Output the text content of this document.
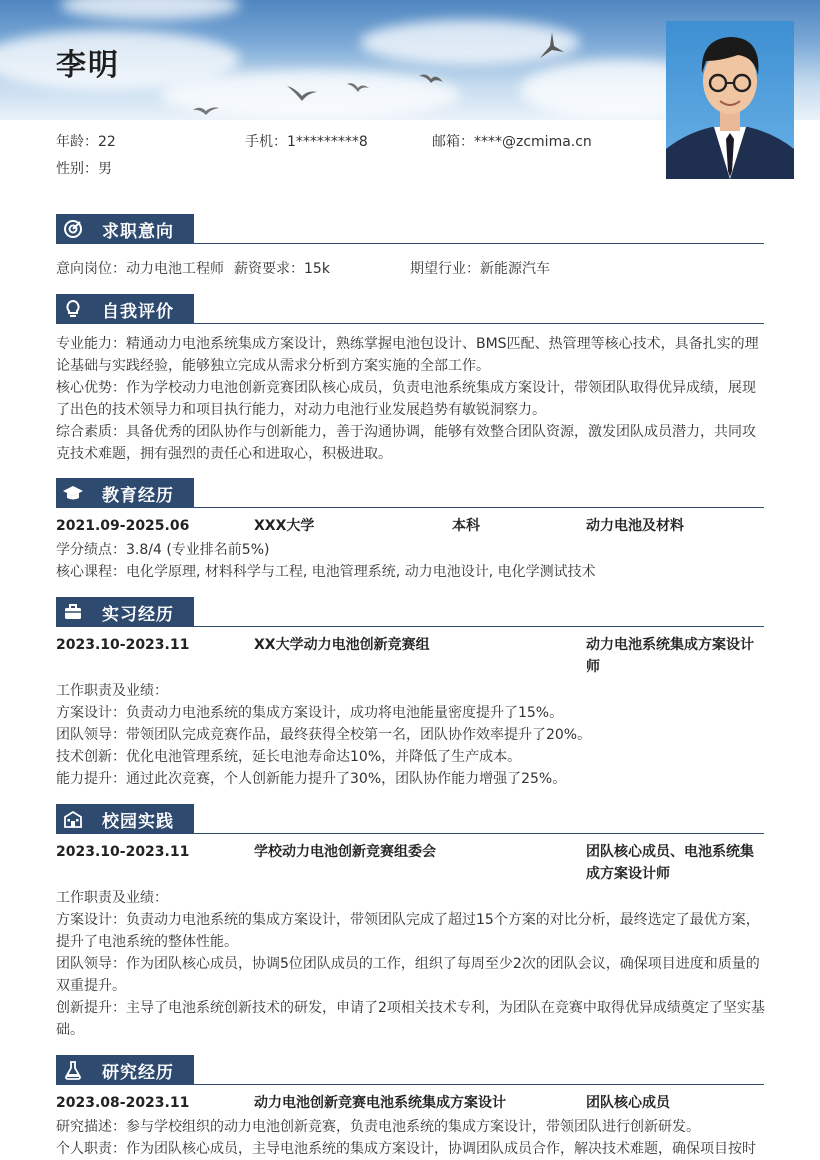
李明
年龄：22	手机：1*********8	邮箱：****@zcmima.cn
性别：男
求职意向
意向岗位：动力电池工程师 薪资要求：15k	期望行业：新能源汽车
自我评价
专业能力：精通动力电池系统集成方案设计，熟练掌握电池包设计、BMS匹配、热管理等核心技术，具备扎实的理论基础与实践经验，能够独立完成从需求分析到方案实施的全部工作。
核心优势：作为学校动力电池创新竞赛团队核心成员，负责电池系统集成方案设计，带领团队取得优异成绩，展现了出色的技术领导力和项目执行能力，对动力电池行业发展趋势有敏锐洞察力。
综合素质：具备优秀的团队协作与创新能力，善于沟通协调，能够有效整合团队资源，激发团队成员潜力，共同攻克技术难题，拥有强烈的责任心和进取心，积极进取。
教育经历
2021.09-2025.06	XXX大学	本科	动力电池及材料
学分绩点：3.8/4 (专业排名前5%)
核心课程：电化学原理, 材料科学与工程, 电池管理系统, 动力电池设计, 电化学测试技术
实习经历
2023.10-2023.11	XX大学动力电池创新竞赛组	动力电池系统集成方案设计师
工作职责及业绩：
方案设计：负责动力电池系统的集成方案设计，成功将电池能量密度提升了15%。
团队领导：带领团队完成竞赛作品，最终获得全校第一名，团队协作效率提升了20%。
技术创新：优化电池管理系统，延长电池寿命达10%，并降低了生产成本。
能力提升：通过此次竞赛，个人创新能力提升了30%，团队协作能力增强了25%。
校园实践
2023.10-2023.11	学校动力电池创新竞赛组委会	团队核心成员、电池系统集成方案设计师
工作职责及业绩：
方案设计：负责动力电池系统的集成方案设计，带领团队完成了超过15个方案的对比分析，最终选定了最优方案，提升了电池系统的整体性能。
团队领导：作为团队核心成员，协调5位团队成员的工作，组织了每周至少2次的团队会议，确保项目进度和质量的双重提升。
创新提升：主导了电池系统创新技术的研发，申请了2项相关技术专利，为团队在竞赛中取得优异成绩奠定了坚实基础。
研究经历
2023.08-2023.11	动力电池创新竞赛电池系统集成方案设计	团队核心成员
研究描述：参与学校组织的动力电池创新竞赛，负责电池系统的集成方案设计，带领团队进行创新研发。
个人职责：作为团队核心成员，主导电池系统的集成方案设计，协调团队成员合作，解决技术难题，确保项目按时
